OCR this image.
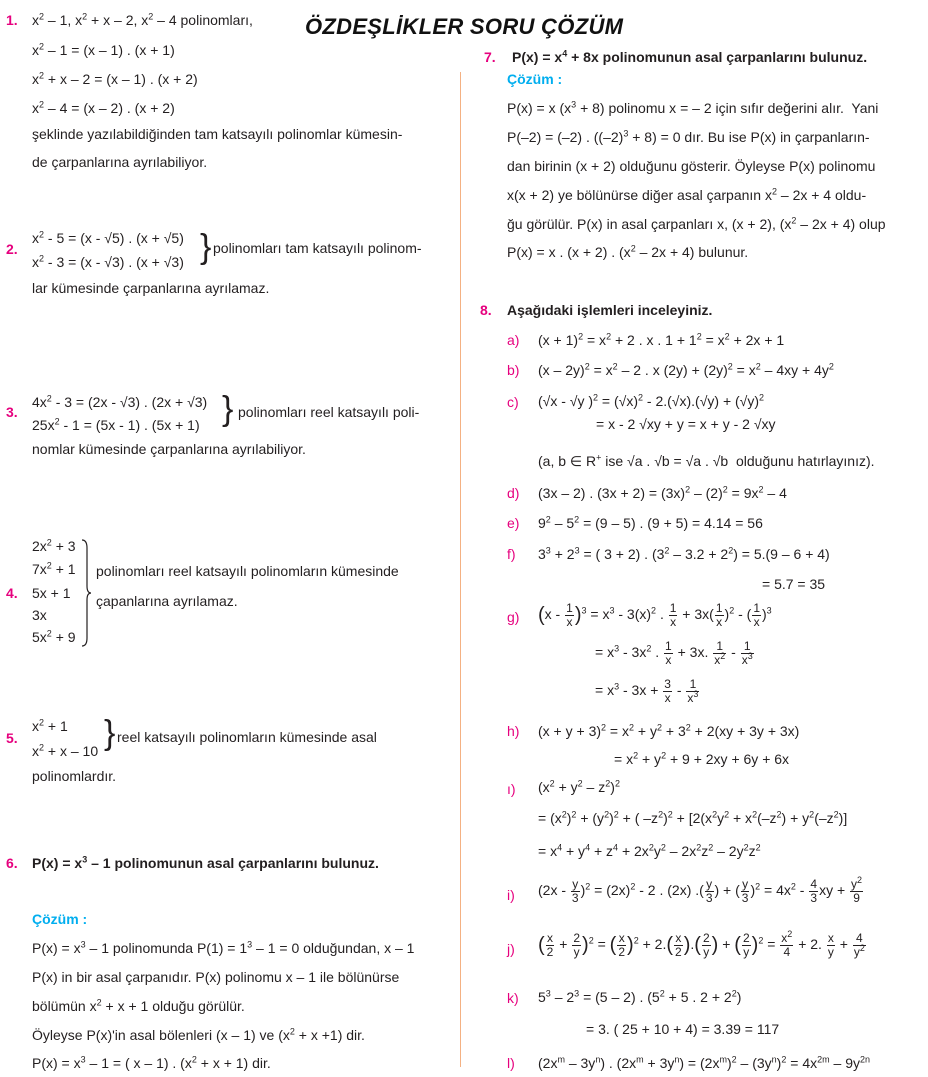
ÖZDEŞLİKLER SORU ÇÖZÜM
1. $x^2 - 1$, $x^2 + x - 2$, $x^2 - 4$ polinomları,
$x^2 - 1 = (x - 1)$ . (x + 1)
$x^2 + x - 2 = (x - 1)$ . (x + 2)
$x^2 - 4 = (x - 2)$ . (x + 2)
şeklinde yazılabildiğinden tam katsayılı polinomlar kümesin-
de çarpanlarına ayrılabiliyor.
2.
$x^2 - 5 = (x - √5)$ . (x + √5)
$x^2 - 3 = (x - √3)$ . (x + √3) } polinomları tam katsayılı polinom-
lar kümesinde çarpanlarına ayrılamaz.
3.
$4x^2 - 3 = (2x - √3)$ . (2x + √3)
$25x^2 - 1 = (5x - 1)$ . (5x + 1) } polinomları reel katsayılı poli-
nomlar kümesinde çarpanlarına ayrılabiliyor.
4.
$2x^2 + 3$
$7x^2 + 1$
5x + 1
3x
$5x^2 + 9$
polinomları reel katsayılı polinomların kümesinde
çapanlarına ayrılamaz.
5.
$x^2 + 1$
$x^2 + x - 10$ } reel katsayılı polinomların kümesinde asal
polinomlardır.
6. $P(x) = x^3 - 1$ polinomunun asal çarpanlarını bulunuz.
Çözüm :
$P(x) = x^3 - 1$ polinomunda $P(1) = 1^3 - 1 = 0$ olduğundan, x – 1
P(x) in bir asal çarpanıdır. P(x) polinomu x – 1 ile bölünürse
bölümün $x^2 + x + 1$ olduğu görülür.
Öyleyse P(x)'in asal bölenleri (x – 1) ve $(x^2 + x +1)$ dir.
$P(x) = x^3 - 1$ = ( x – 1) . $(x^2 + x + 1)$ dir.
7. $P(x) = x^4 + 8x$ polinomunun asal çarpanlarını bulunuz.
Çözüm :
P(x) = x $(x^3 + 8)$ polinomu x = – 2 için sıfır değerini alır.  Yani
P(–2) = (–2) . $((-2)^3 + 8) = 0$ dır. Bu ise P(x) in çarpanların-
dan birinin (x + 2) olduğunu gösterir. Öyleyse P(x) polinomu
x(x + 2) ye bölünürse diğer asal çarpanın $x^2 - 2x + 4$ oldu-
ğu görülür. P(x) in asal çarpanları x, (x + 2), $(x^2 - 2x + 4)$ olup
P(x) = x . (x + 2) . $(x^2 - 2x + 4)$ bulunur.
8. Aşağıdaki işlemleri inceleyiniz.
a) $(x + 1)^2 = x^2 + 2$ . x . $1 + 1^2 = x^2 + 2x + 1$
b) $(x - 2y)^2 = x^2 - 2$ . x $(2y) + (2y)^2 = x^2 - 4xy + 4y^2$
c) (√x - √y )$^2 = (√x)^2 - 2.(√x).(√y) + (√y)^2$
= x - 2 √xy + y = x + y - 2 √xy
(a, b ∈ R+ ise √a . √b = √a . √b  olduğunu hatırlayınız).
d) (3x – 2) . $(3x + 2) = (3x)^2 - (2)^2 = 9x^2 - 4$
e) $9^2 - 5^2 = (9 - 5)$ . (9 + 5) = 4.14 = 56
f) $3^3 + 2^3$ = ( 3 + 2) . $(3^2 - 3.2 + 2^2) = 5.(9 - 6 + 4)$
= 5.7 = 35
g) $(x - \frac{1}{x} )^3 = x^3 - 3(x)^2$ . $\frac{1}{x} + 3x( \frac{1}{x} )^2$ - ( $\frac{1}{x} )^3$
= $x^3 - 3x^2$ . $\frac{1}{x} + 3x$. $\frac{1}{x^2} - \frac{1}{x^3}$
= $x^3 - 3x + \frac{3}{x} - \frac{1}{x^3}$
h) $(x + y + 3)^2 = x^2 + y^2 + 3^2 + 2(xy + 3y + 3x)$
= $x^2 + y^2 + 9 + 2xy + 6y + 6x$
ı) $(x^2 + y^2 - z^2)^2$
= $(x^2)^2 + (y^2)^2$ + ( $-z^2)^2 + [2(x^2y^2 + x^2(-z^2) + y^2(-z^2)]$
= $x^4 + y^4 + z^4 + 2x^2y^2 - 2x^2z^2 - 2y^2z^2$
i) $(2x - \frac{y}{3} )^2 = (2x)^2 - 2$ . (2x) .( $\frac{y}{3}$ ) + ( $\frac{y}{3} )^2 = 4x^2 - \frac{4}{3}$ xy + $\frac{y^2}{9}$
j) ( $\frac{x}{2} + \frac{2}{y} )^2$ = ( $\frac{x}{2} )^2 + 2.( \frac{x}{2}$ ).( $\frac{2}{y}$ ) + ( $\frac{2}{y} )^2 = \frac{x^2}{4} + 2$. $\frac{x}{y} + \frac{4}{y^2}$
k) $5^3 - 2^3 = (5 - 2)$ . ($5^2 + 5$ . $2 + 2^2$)
= 3. ( 25 + 10 + 4) = 3.39 = 117
l) $(2x^m - 3y^n)$ . $(2x^m + 3y^n) = (2x^m)^2 - (3y^n)^2 = 4x^{2m} - 9y^{2n}$
